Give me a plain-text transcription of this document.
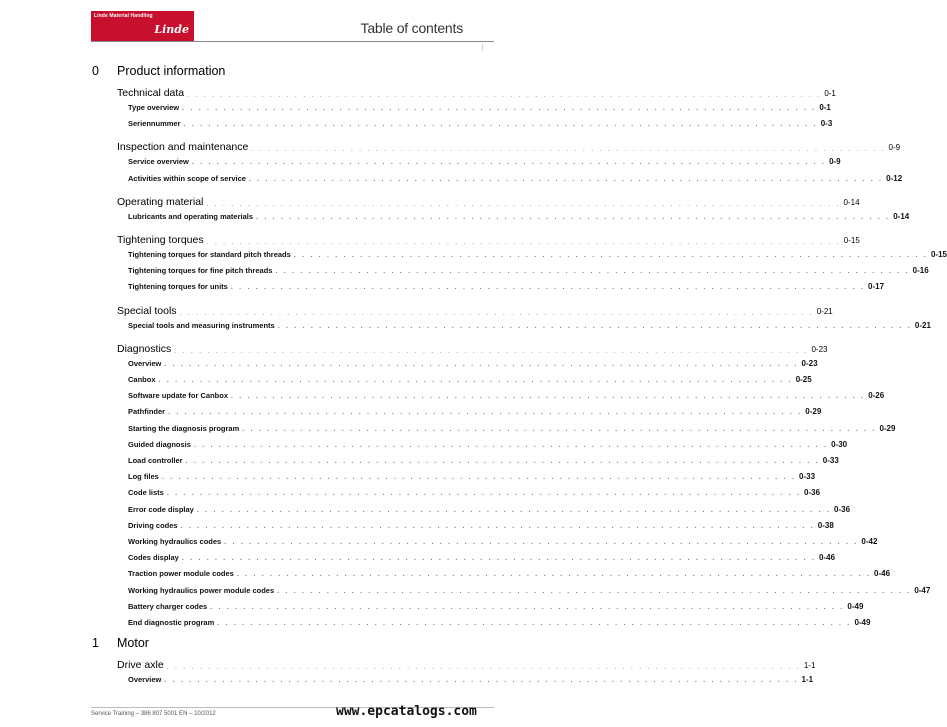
Linde Material Handling
Linde	Table of contents
I
0 Product information
Technical data . . . . . . . . . . . . . . . . . . . . . . . . . . . . . . . . . . . . . . . . . . . . . . . . . . . . . . . . . . . . . . . . . . . . . . . . . . . . . 0-1
Type overview . . . . . . . . . . . . . . . . . . . . . . . . . . . . . . . . . . . . . . . . . . . . . . . . . . . . . . . . . . . . . . . . . . . . . . . . . . . . . 0-1
Seriennummer . . . . . . . . . . . . . . . . . . . . . . . . . . . . . . . . . . . . . . . . . . . . . . . . . . . . . . . . . . . . . . . . . . . . . . . . . . . . . 0-3
Inspection and maintenance . . . . . . . . . . . . . . . . . . . . . . . . . . . . . . . . . . . . . . . . . . . . . . . . . . . . . . . . . . . . . . . . . . . . . . . . . . . . . 0-9
Service overview . . . . . . . . . . . . . . . . . . . . . . . . . . . . . . . . . . . . . . . . . . . . . . . . . . . . . . . . . . . . . . . . . . . . . . . . . . . . . 0-9
Activities within scope of service . . . . . . . . . . . . . . . . . . . . . . . . . . . . . . . . . . . . . . . . . . . . . . . . . . . . . . . . . . . . . . . . . . . . . . . . . . . . . 0-12
Operating material . . . . . . . . . . . . . . . . . . . . . . . . . . . . . . . . . . . . . . . . . . . . . . . . . . . . . . . . . . . . . . . . . . . . . . . . . . . . . 0-14
Lubricants and operating materials . . . . . . . . . . . . . . . . . . . . . . . . . . . . . . . . . . . . . . . . . . . . . . . . . . . . . . . . . . . . . . . . . . . . . . . . . . . . . 0-14
Tightening torques . . . . . . . . . . . . . . . . . . . . . . . . . . . . . . . . . . . . . . . . . . . . . . . . . . . . . . . . . . . . . . . . . . . . . . . . . . . . . 0-15
Tightening torques for standard pitch threads . . . . . . . . . . . . . . . . . . . . . . . . . . . . . . . . . . . . . . . . . . . . . . . . . . . . . . . . . . . . . . . . . . . . . . . . . . . . . 0-15
Tightening torques for fine pitch threads . . . . . . . . . . . . . . . . . . . . . . . . . . . . . . . . . . . . . . . . . . . . . . . . . . . . . . . . . . . . . . . . . . . . . . . . . . . . . 0-16
Tightening torques for units . . . . . . . . . . . . . . . . . . . . . . . . . . . . . . . . . . . . . . . . . . . . . . . . . . . . . . . . . . . . . . . . . . . . . . . . . . . . . 0-17
Special tools . . . . . . . . . . . . . . . . . . . . . . . . . . . . . . . . . . . . . . . . . . . . . . . . . . . . . . . . . . . . . . . . . . . . . . . . . . . . . 0-21
Special tools and measuring instruments . . . . . . . . . . . . . . . . . . . . . . . . . . . . . . . . . . . . . . . . . . . . . . . . . . . . . . . . . . . . . . . . . . . . . . . . . . . . . 0-21
Diagnostics . . . . . . . . . . . . . . . . . . . . . . . . . . . . . . . . . . . . . . . . . . . . . . . . . . . . . . . . . . . . . . . . . . . . . . . . . . . . . 0-23
Overview . . . . . . . . . . . . . . . . . . . . . . . . . . . . . . . . . . . . . . . . . . . . . . . . . . . . . . . . . . . . . . . . . . . . . . . . . . . . . 0-23
Canbox . . . . . . . . . . . . . . . . . . . . . . . . . . . . . . . . . . . . . . . . . . . . . . . . . . . . . . . . . . . . . . . . . . . . . . . . . . . . . 0-25
Software update for Canbox . . . . . . . . . . . . . . . . . . . . . . . . . . . . . . . . . . . . . . . . . . . . . . . . . . . . . . . . . . . . . . . . . . . . . . . . . . . . . 0-26
Pathfinder . . . . . . . . . . . . . . . . . . . . . . . . . . . . . . . . . . . . . . . . . . . . . . . . . . . . . . . . . . . . . . . . . . . . . . . . . . . . . 0-29
Starting the diagnosis program . . . . . . . . . . . . . . . . . . . . . . . . . . . . . . . . . . . . . . . . . . . . . . . . . . . . . . . . . . . . . . . . . . . . . . . . . . . . . 0-29
Guided diagnosis . . . . . . . . . . . . . . . . . . . . . . . . . . . . . . . . . . . . . . . . . . . . . . . . . . . . . . . . . . . . . . . . . . . . . . . . . . . . . 0-30
Load controller . . . . . . . . . . . . . . . . . . . . . . . . . . . . . . . . . . . . . . . . . . . . . . . . . . . . . . . . . . . . . . . . . . . . . . . . . . . . . 0-33
Log files . . . . . . . . . . . . . . . . . . . . . . . . . . . . . . . . . . . . . . . . . . . . . . . . . . . . . . . . . . . . . . . . . . . . . . . . . . . . . 0-33
Code lists . . . . . . . . . . . . . . . . . . . . . . . . . . . . . . . . . . . . . . . . . . . . . . . . . . . . . . . . . . . . . . . . . . . . . . . . . . . . . 0-36
Error code display . . . . . . . . . . . . . . . . . . . . . . . . . . . . . . . . . . . . . . . . . . . . . . . . . . . . . . . . . . . . . . . . . . . . . . . . . . . . . 0-36
Driving codes . . . . . . . . . . . . . . . . . . . . . . . . . . . . . . . . . . . . . . . . . . . . . . . . . . . . . . . . . . . . . . . . . . . . . . . . . . . . . 0-38
Working hydraulics codes . . . . . . . . . . . . . . . . . . . . . . . . . . . . . . . . . . . . . . . . . . . . . . . . . . . . . . . . . . . . . . . . . . . . . . . . . . . . . 0-42
Codes display . . . . . . . . . . . . . . . . . . . . . . . . . . . . . . . . . . . . . . . . . . . . . . . . . . . . . . . . . . . . . . . . . . . . . . . . . . . . . 0-46
Traction power module codes . . . . . . . . . . . . . . . . . . . . . . . . . . . . . . . . . . . . . . . . . . . . . . . . . . . . . . . . . . . . . . . . . . . . . . . . . . . . . 0-46
Working hydraulics power module codes . . . . . . . . . . . . . . . . . . . . . . . . . . . . . . . . . . . . . . . . . . . . . . . . . . . . . . . . . . . . . . . . . . . . . . . . . . . . . 0-47
Battery charger codes . . . . . . . . . . . . . . . . . . . . . . . . . . . . . . . . . . . . . . . . . . . . . . . . . . . . . . . . . . . . . . . . . . . . . . . . . . . . . 0-49
End diagnostic program . . . . . . . . . . . . . . . . . . . . . . . . . . . . . . . . . . . . . . . . . . . . . . . . . . . . . . . . . . . . . . . . . . . . . . . . . . . . . 0-49
1 Motor
Drive axle . . . . . . . . . . . . . . . . . . . . . . . . . . . . . . . . . . . . . . . . . . . . . . . . . . . . . . . . . . . . . . . . . . . . . . . . . . . . . 1-1
Overview . . . . . . . . . . . . . . . . . . . . . . . . . . . . . . . . . . . . . . . . . . . . . . . . . . . . . . . . . . . . . . . . . . . . . . . . . . . . . 1-1
Service Training – 386 807 5001 EN – 10/2012	www.epcatalogs.com
